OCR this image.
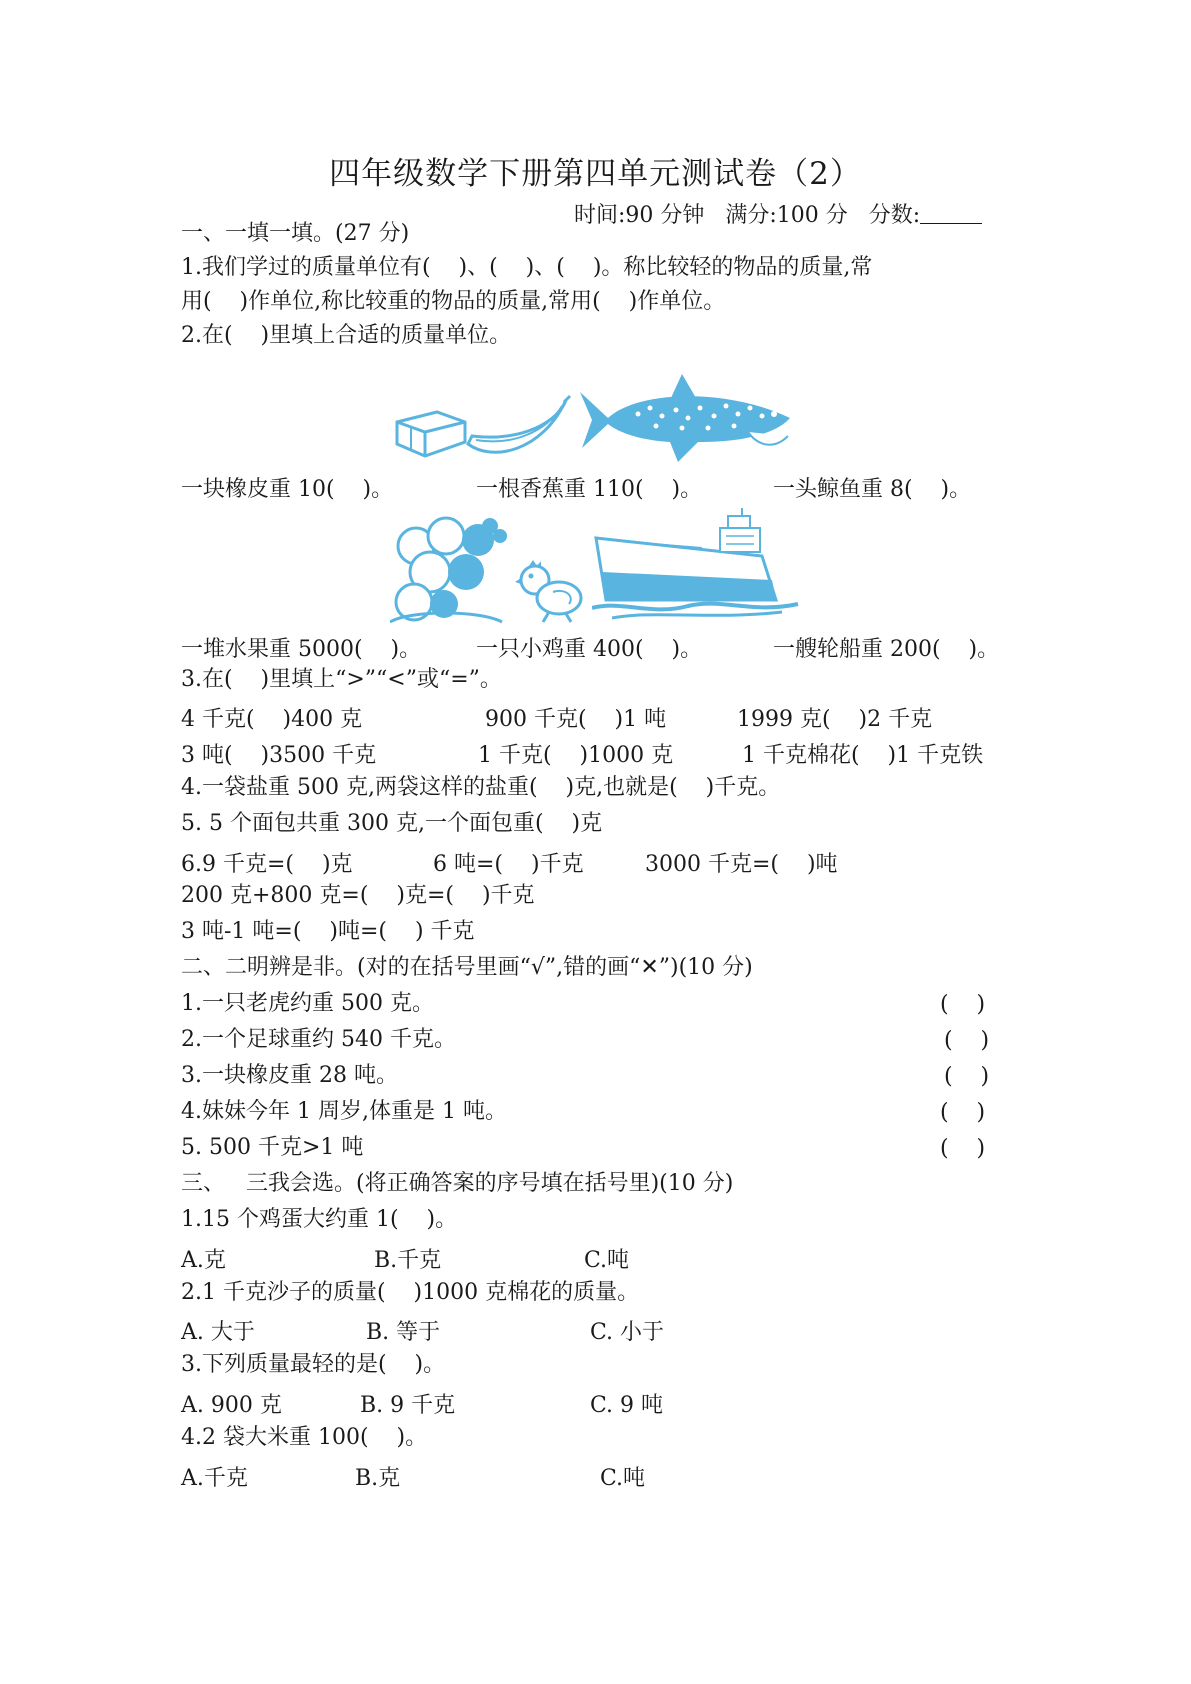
四年级数学下册第四单元测试卷（2）
时间:90 分钟   满分:100 分   分数:
一、一填一填。(27 分)
1.我们学过的质量单位有(    )、(    )、(    )。称比较轻的物品的质量,常
用(    )作单位,称比较重的物品的质量,常用(    )作单位。
2.在(    )里填上合适的质量单位。
一块橡皮重 10(    )。	一根香蕉重 110(    )。	一头鲸鱼重 8(    )。
一堆水果重 5000(    )。 一只小鸡重 400(    )。	一艘轮船重 200(    )。
3.在(    )里填上“>”“<”或“=”。
4 千克(    )400 克	900 千克(    )1 吨	1999 克(    )2 千克
3 吨(    )3500 千克	1 千克(    )1000 克	1 千克棉花(    )1 千克铁
4.一袋盐重 500 克,两袋这样的盐重(    )克,也就是(    )千克。
5. 5 个面包共重 300 克,一个面包重(    )克
6.9 千克=(    )克	6 吨=(    )千克	3000 千克=(    )吨
200 克+800 克=(    )克=(    )千克
3 吨-1 吨=(    )吨=(    ) 千克
二、二明辨是非。(对的在括号里画“√”,错的画“✕”)(10 分)
1.一只老虎约重 500 克。	(    )
2.一个足球重约 540 千克。	(    )
3.一块橡皮重 28 吨。	(    )
4.妹妹今年 1 周岁,体重是 1 吨。	(    )
5. 500 千克>1 吨	(    )
三、   三我会选。(将正确答案的序号填在括号里)(10 分)
1.15 个鸡蛋大约重 1(    )。
A.克	B.千克	C.吨
2.1 千克沙子的质量(    )1000 克棉花的质量。
A. 大于	B. 等于	C. 小于
3.下列质量最轻的是(    )。
A. 900 克	B. 9 千克	C. 9 吨
4.2 袋大米重 100(    )。
A.千克	B.克	C.吨
